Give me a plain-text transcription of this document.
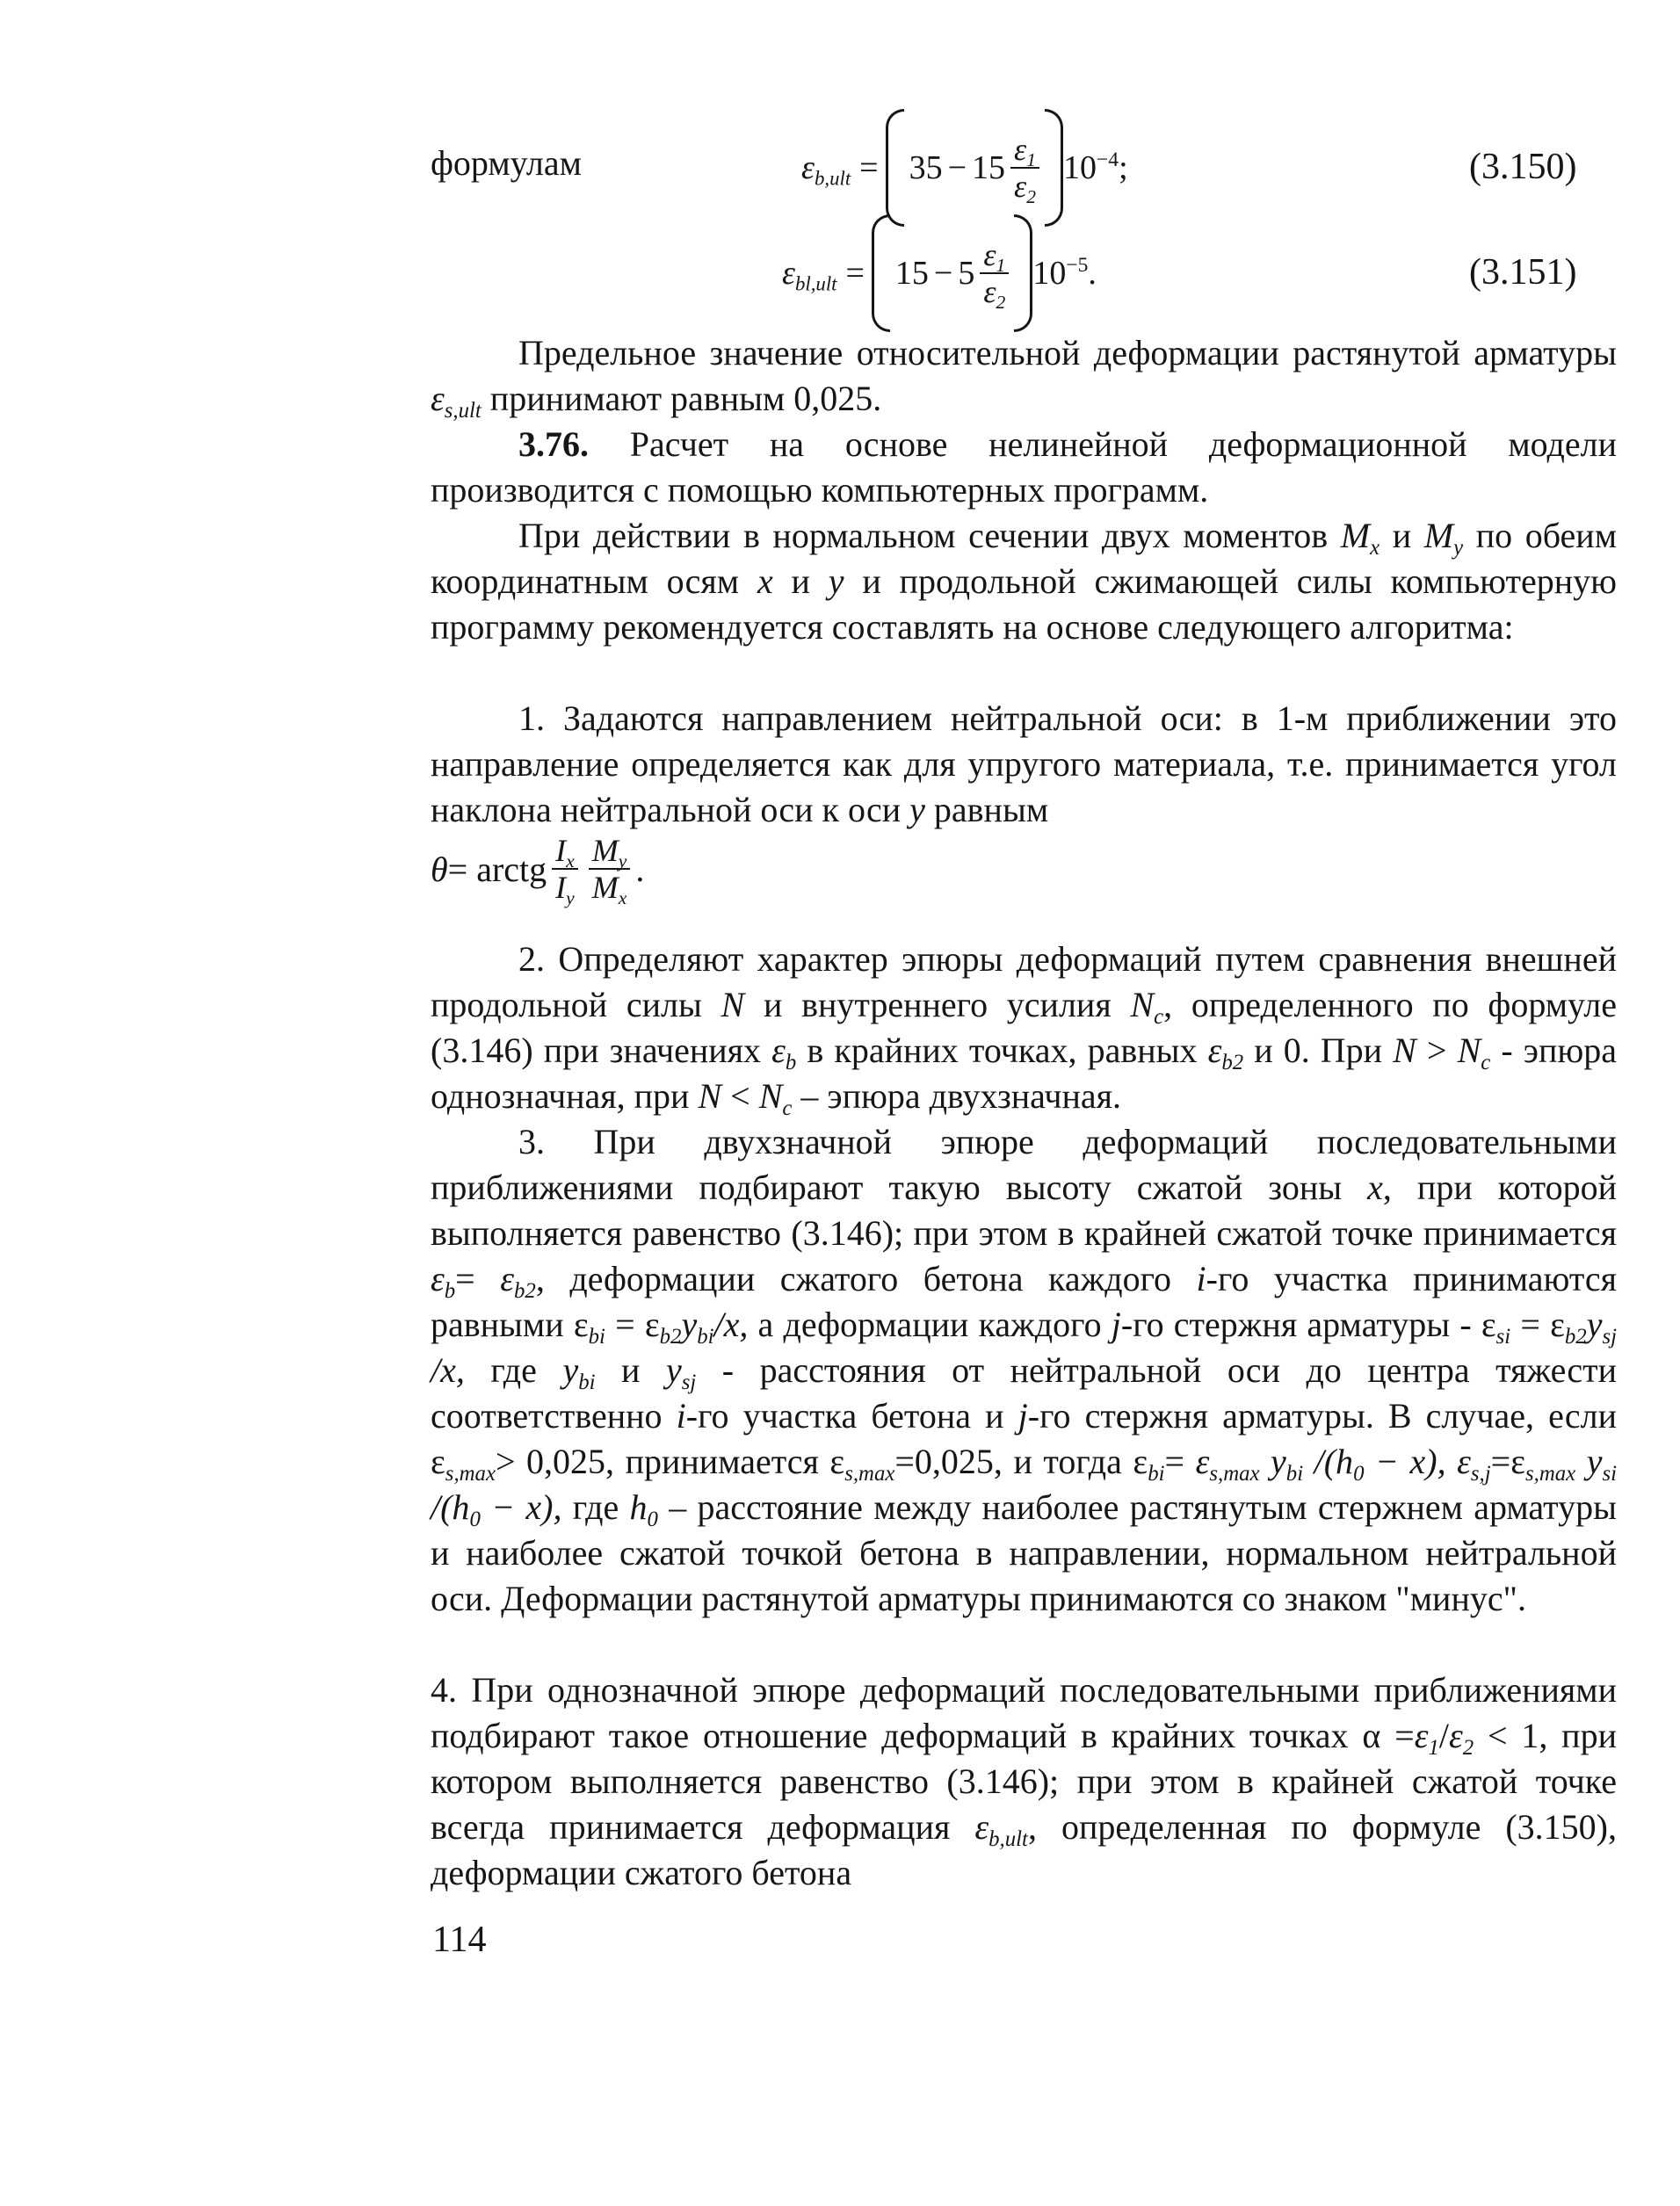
формулам	$\varepsilon_{b,ult} = 35 - 15 \frac{\varepsilon_1}{\varepsilon_2} 10^{-4}$ ;	(3.150)
$\varepsilon_{bl,ult} = 15 - 5 \frac{\varepsilon_1}{\varepsilon_2} 10^{-5}$ .	(3.151)

Предельное значение относительной деформации растянутой арматуры $\varepsilon_{s,ult}$ принимают равным 0,025.

3.76. Расчет на основе нелинейной деформационной модели производится с помощью компьютерных программ.

При действии в нормальном сечении двух моментов $M_x$ и $M_y$ по обеим координатным осям x и y и продольной сжимающей силы компьютерную программу рекомендуется составлять на основе следующего алгоритма:

1. Задаются направлением нейтральной оси: в 1-м приближении это направление определяется как для упругого материала, т.е. принимается угол наклона нейтральной оси к оси y равным

θ = arctg $\frac{I_x}{I_y} \frac{M_y}{M_x}$ .

2. Определяют характер эпюры деформаций путем сравнения внешней продольной силы N и внутреннего усилия $N_c$, определенного по формуле (3.146) при значениях $\varepsilon_b$ в крайних точках, равных $\varepsilon_{b2}$ и 0. При $N > N_c$ - эпюра однозначная, при $N < N_c$ – эпюра двухзначная.

3. При двухзначной эпюре деформаций последовательными приближениями подбирают такую высоту сжатой зоны x, при которой выполняется равенство (3.146); при этом в крайней сжатой точке принимается $\varepsilon_b= \varepsilon_{b2}$, деформации сжатого бетона каждого i-го участка принимаются равными $\varepsilon_{bi} = \varepsilon_{b2}y_{bi}/x$, а деформации каждого j-го стержня арматуры - $\varepsilon_{si} = \varepsilon_{b2}y_{sj}$ /x, где $y_{bi}$ и $y_{sj}$ - расстояния от нейтральной оси до центра тяжести соответственно i-го участка бетона и j-го стержня арматуры. В случае, если $\varepsilon_{s,max}> 0,025$, принимается $\varepsilon_{s,max}=0,025$, и тогда $\varepsilon_{bi}= \varepsilon_{s,max}$ $y_{bi}$ $/(h_0 - x)$, $\varepsilon_{s,j}=\varepsilon_{s,max}$ $y_{si}$ $/(h_0 - x)$, где $h_0$ – расстояние между наиболее растянутым стержнем арматуры и наиболее сжатой точкой бетона в направлении, нормальном нейтральной оси. Деформации растянутой арматуры принимаются со знаком "минус".

4. При однозначной эпюре деформаций последовательными приближениями подбирают такое отношение деформаций в крайних точках $\alpha =\varepsilon_1/\varepsilon_2 < 1$, при котором выполняется равенство (3.146); при этом в крайней сжатой точке всегда принимается деформация $\varepsilon_{b,ult}$, определенная по формуле (3.150), деформации сжатого бетона

114
